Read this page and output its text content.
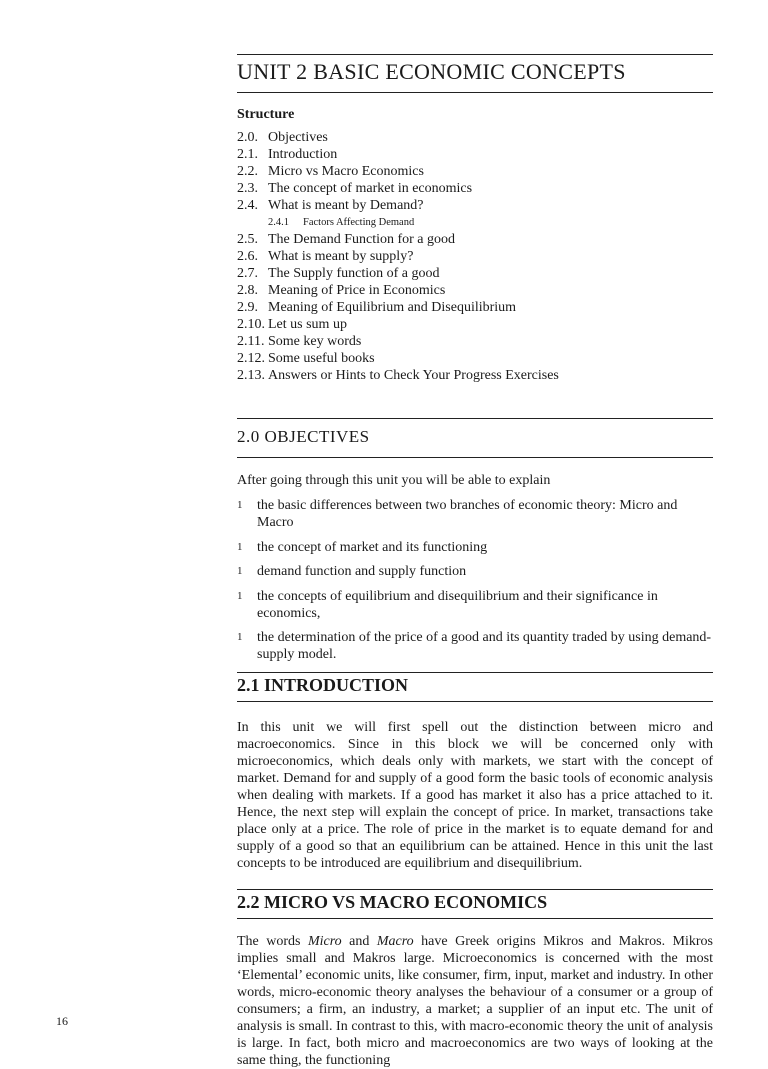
UNIT 2 BASIC ECONOMIC CONCEPTS
Structure
2.0. Objectives
2.1. Introduction
2.2. Micro vs Macro Economics
2.3. The concept of market in economics
2.4. What is meant by Demand?
2.4.1	Factors Affecting Demand
2.5. The Demand Function for a good
2.6. What is meant by supply?
2.7. The Supply function of a good
2.8. Meaning of Price in Economics
2.9. Meaning of Equilibrium and Disequilibrium
2.10. Let us sum up
2.11. Some key words
2.12. Some useful books
2.13. Answers or Hints to Check Your Progress Exercises
2.0 OBJECTIVES

After going through this unit you will be able to explain

1	the basic differences between two branches of economic theory: Micro and Macro
1	the concept of market and its functioning
1	demand function and supply function
1	the concepts of equilibrium and disequilibrium and their significance in economics,
1	the determination of the price of a good and its quantity traded by using demand-supply model.
2.1 INTRODUCTION

In this unit we will first spell out the distinction between micro and macroeconomics. Since in this block we will be concerned only with microeconomics, which deals only with markets, we start with the concept of market. Demand for and supply of a good form the basic tools of economic analysis when dealing with markets. If a good has market it also has a price attached to it. Hence, the next step will explain the concept of price. In market, transactions take place only at a price. The role of price in the market is to equate demand for and supply of a good so that an equilibrium can be attained. Hence in this unit the last concepts to be introduced are equilibrium and disequilibrium.

2.2 MICRO VS MACRO ECONOMICS

The words Micro and Macro have Greek origins Mikros and Makros. Mikros implies small and Makros large. Microeconomics is concerned with the most ‘Elemental’ economic units, like consumer, firm, input, market and industry. In other words, micro-economic theory analyses the behaviour of a consumer or a group of consumers; a firm, an industry, a market; a supplier of an input etc. The unit of analysis is small. In contrast to this, with macro-economic theory the unit of analysis is large. In fact, both micro and macroeconomics are two ways of looking at the same thing, the functioning

16
